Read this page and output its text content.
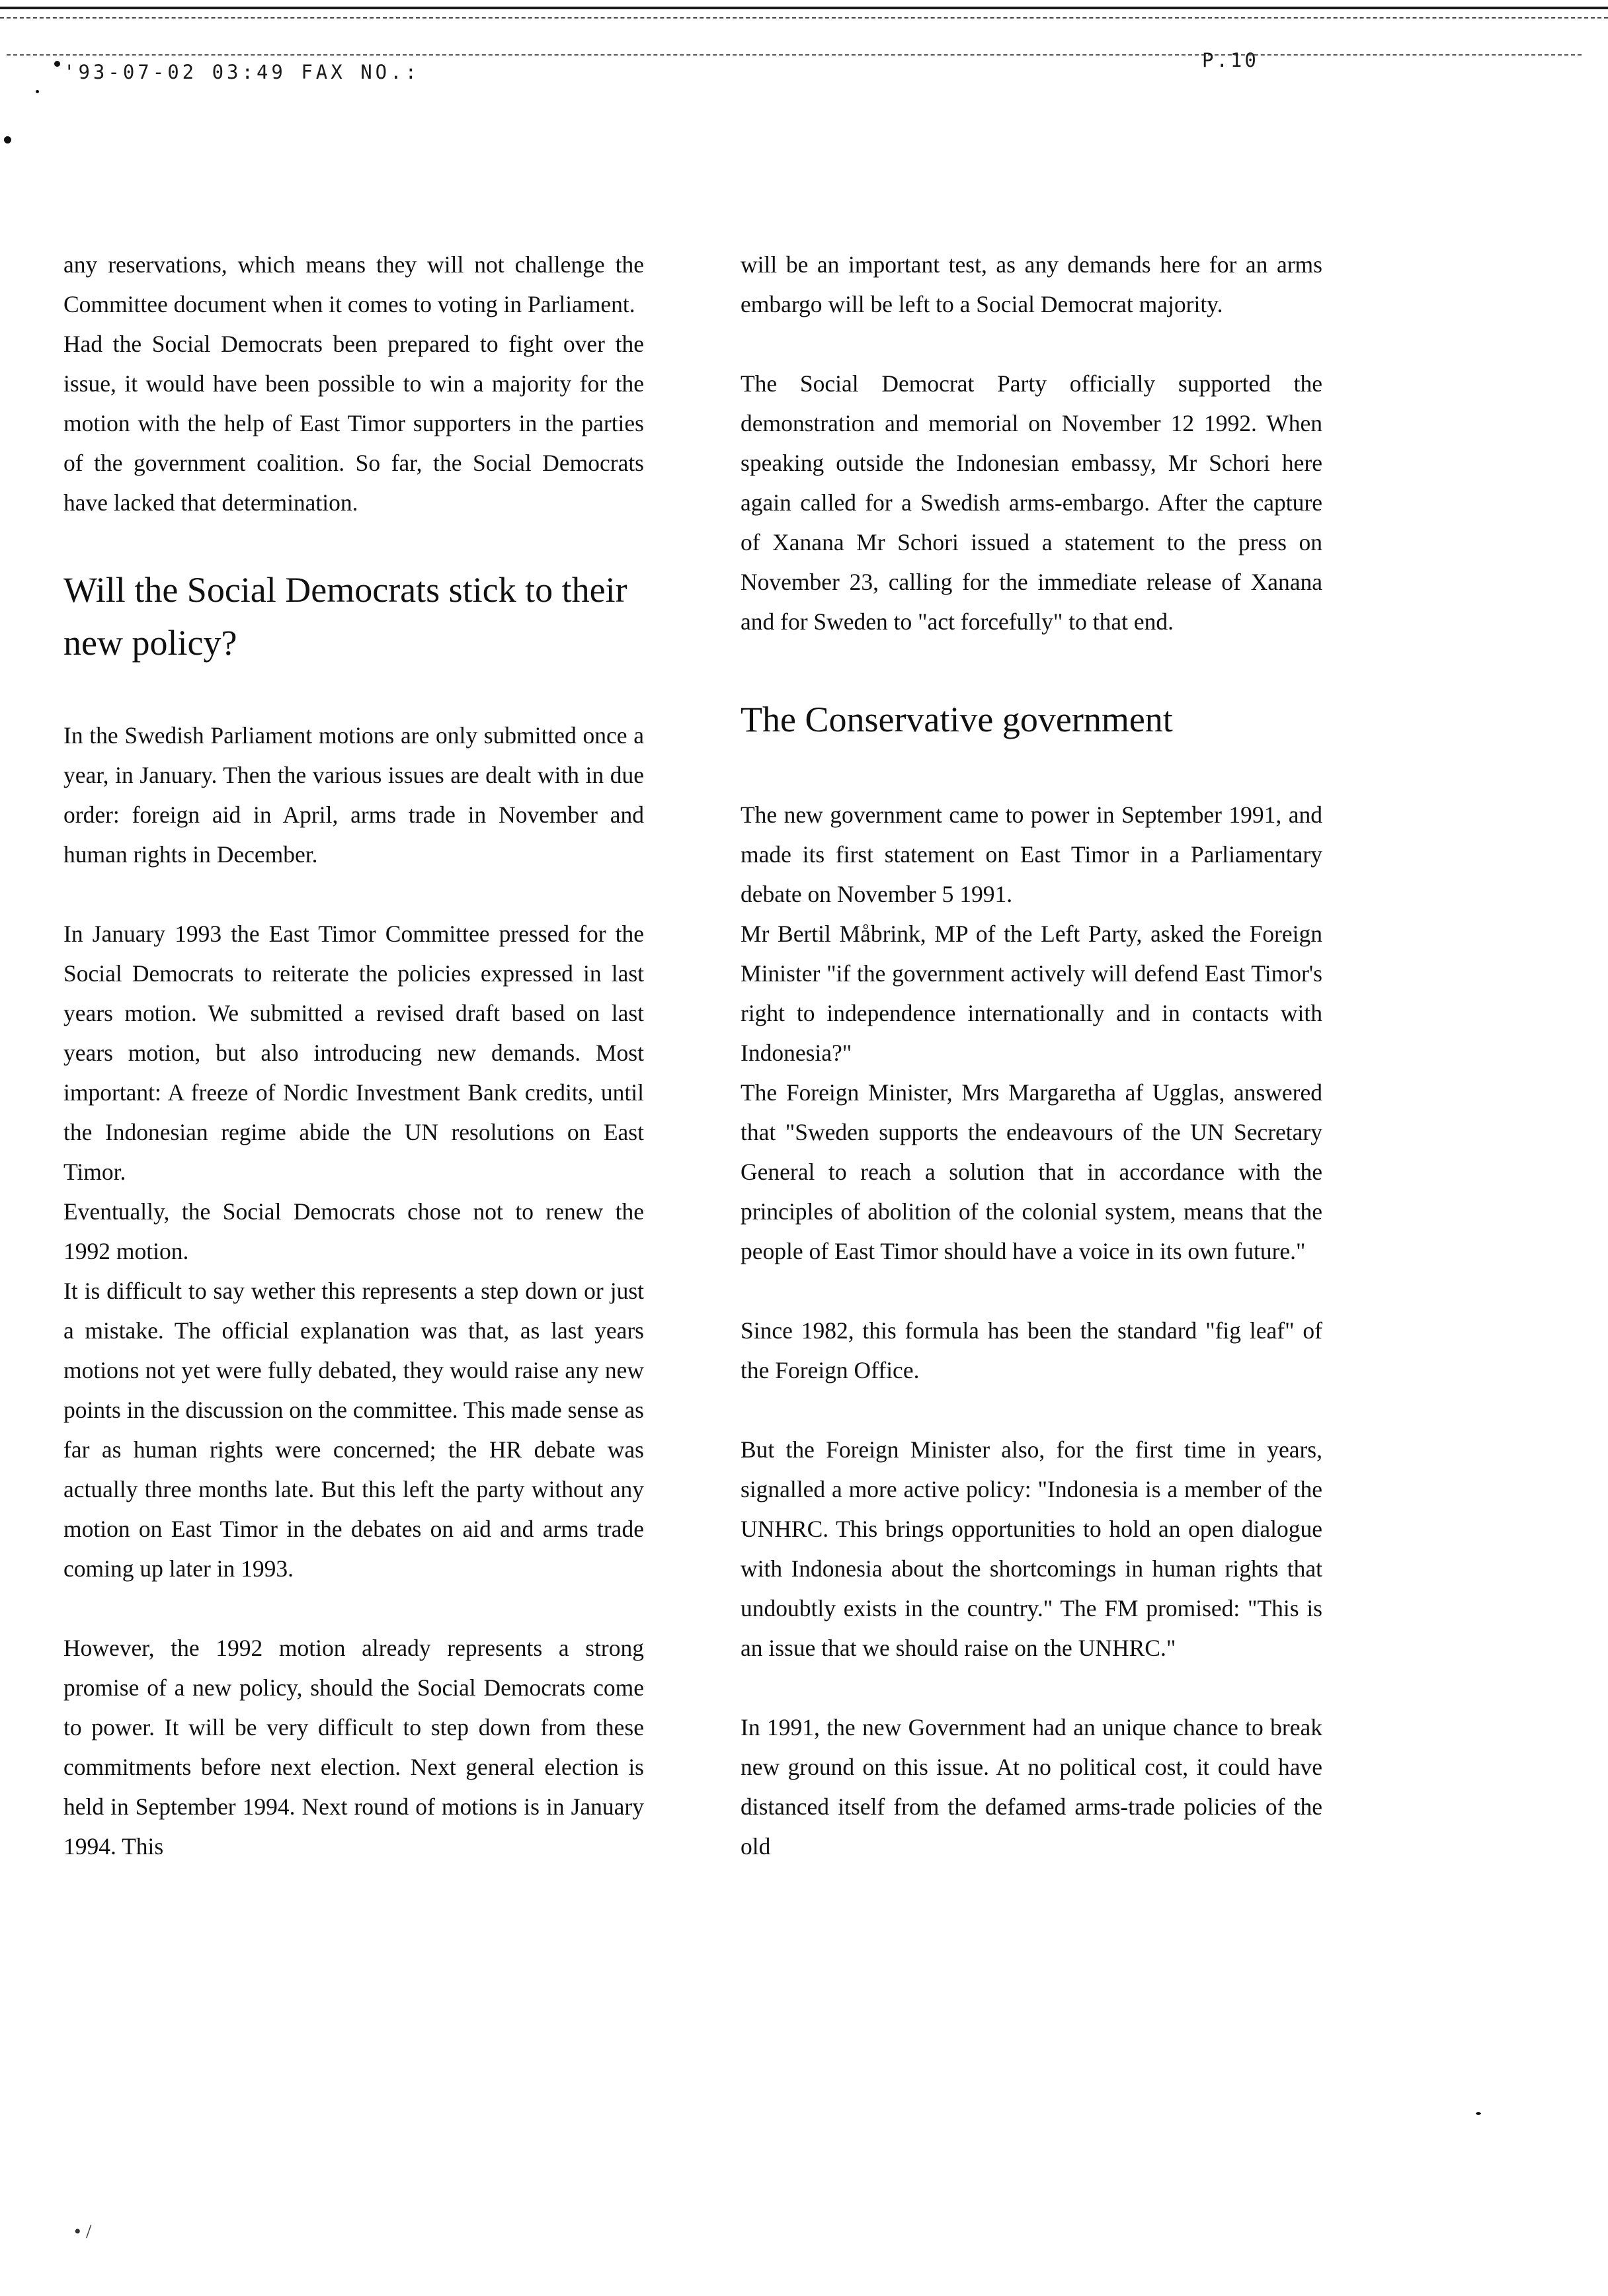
'93-07-02 03:49 FAX NO.:
P.10

any reservations, which means they will not challenge the Committee document when it comes to voting in Parliament.

Had the Social Democrats been prepared to fight over the issue, it would have been possible to win a majority for the motion with the help of East Timor supporters in the parties of the government coalition. So far, the Social Democrats have lacked that determination.

Will the Social Democrats stick to their new policy?

In the Swedish Parliament motions are only submitted once a year, in January. Then the various issues are dealt with in due order: foreign aid in April, arms trade in November and human rights in December.

In January 1993 the East Timor Committee pressed for the Social Democrats to reiterate the policies expressed in last years motion. We submitted a revised draft based on last years motion, but also introducing new demands. Most important: A freeze of Nordic Investment Bank credits, until the Indonesian regime abide the UN resolutions on East Timor.

Eventually, the Social Democrats chose not to renew the 1992 motion.

It is difficult to say wether this represents a step down or just a mistake. The official explanation was that, as last years motions not yet were fully debated, they would raise any new points in the discussion on the committee. This made sense as far as human rights were concerned; the HR debate was actually three months late. But this left the party without any motion on East Timor in the debates on aid and arms trade coming up later in 1993.

However, the 1992 motion already represents a strong promise of a new policy, should the Social Democrats come to power. It will be very difficult to step down from these commitments before next election. Next general election is held in September 1994. Next round of motions is in January 1994. This

will be an important test, as any demands here for an arms embargo will be left to a Social Democrat majority.

The Social Democrat Party officially supported the demonstration and memorial on November 12 1992. When speaking outside the Indonesian embassy, Mr Schori here again called for a Swedish arms-embargo. After the capture of Xanana Mr Schori issued a statement to the press on November 23, calling for the immediate release of Xanana and for Sweden to "act forcefully" to that end.

The Conservative government

The new government came to power in September 1991, and made its first statement on East Timor in a Parliamentary debate on November 5 1991.

Mr Bertil Måbrink, MP of the Left Party, asked the Foreign Minister "if the government actively will defend East Timor's right to independence internationally and in contacts with Indonesia?"

The Foreign Minister, Mrs Margaretha af Ugglas, answered that "Sweden supports the endeavours of the UN Secretary General to reach a solution that in accordance with the principles of abolition of the colonial system, means that the people of East Timor should have a voice in its own future."

Since 1982, this formula has been the standard "fig leaf" of the Foreign Office.

But the Foreign Minister also, for the first time in years, signalled a more active policy: "Indonesia is a member of the UNHRC. This brings opportunities to hold an open dialogue with Indonesia about the shortcomings in human rights that undoubtly exists in the country." The FM promised: "This is an issue that we should raise on the UNHRC."

In 1991, the new Government had an unique chance to break new ground on this issue. At no political cost, it could have distanced itself from the defamed arms-trade policies of the old

• /
